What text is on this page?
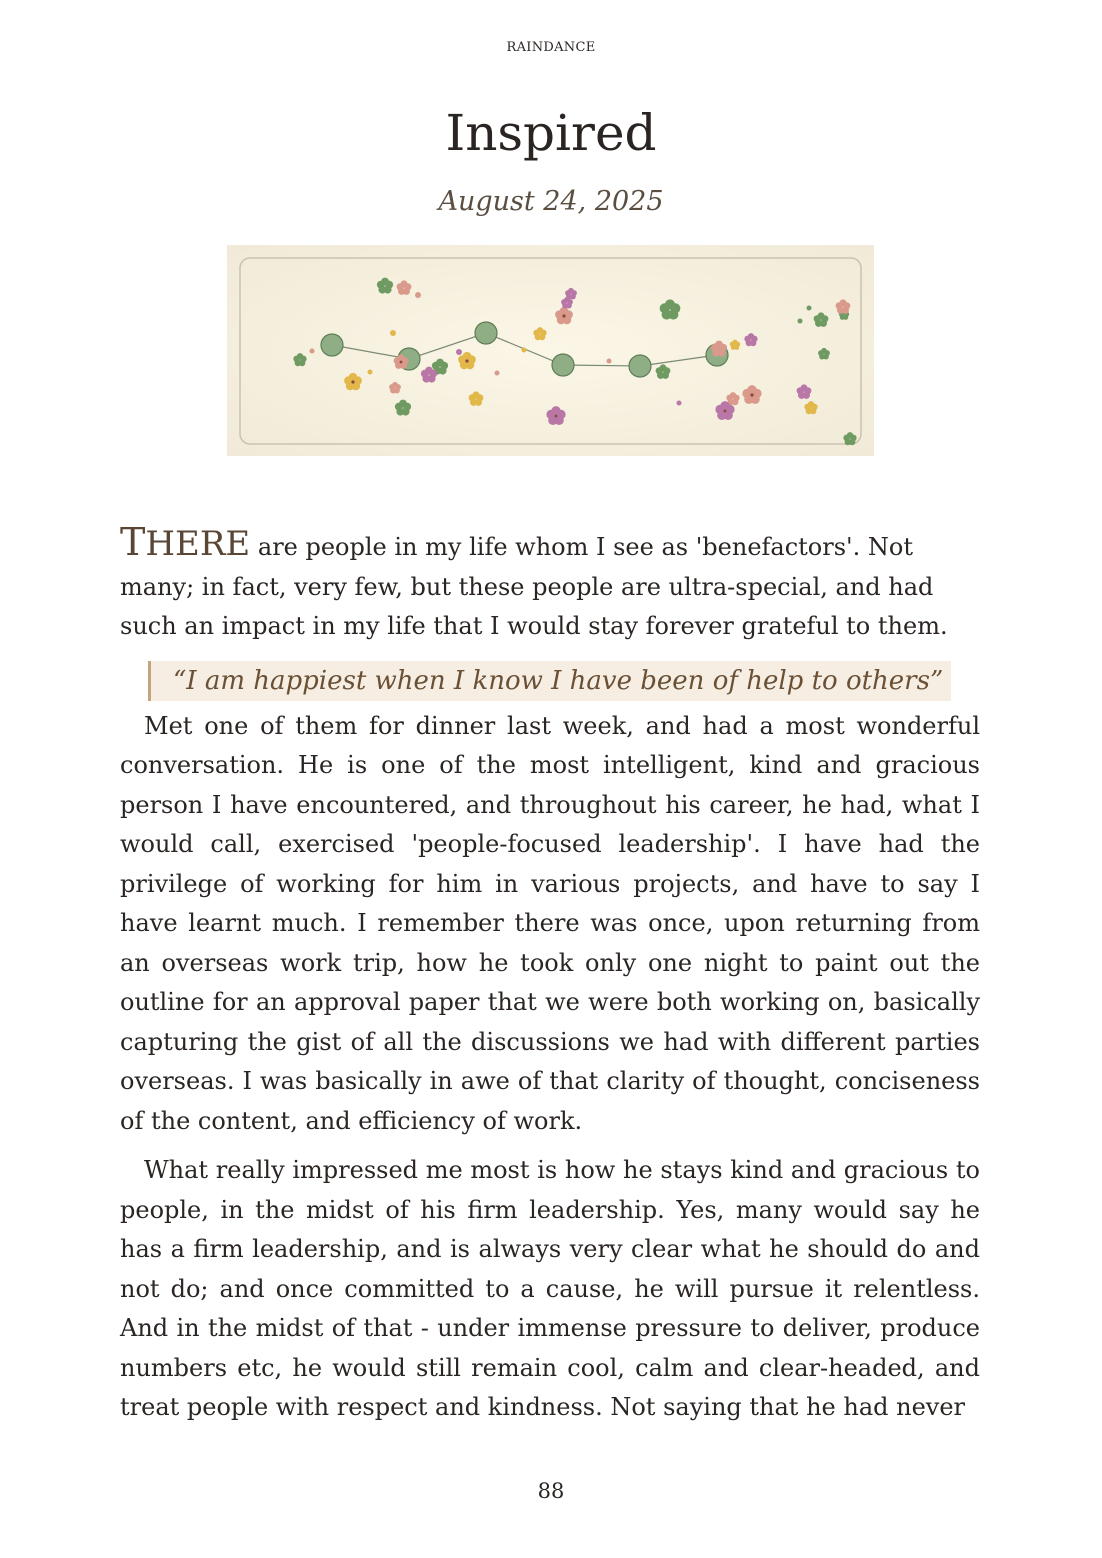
RAINDANCE
Inspired
August 24, 2025

THERE are people in my life whom I see as 'benefactors'. Not many; in fact, very few, but these people are ultra-special, and had such an impact in my life that I would stay forever grateful to them.

“I am happiest when I know I have been of help to others”

Met one of them for dinner last week, and had a most wonderful conversation. He is one of the most intelligent, kind and gracious person I have encountered, and throughout his career, he had, what I would call, exercised 'people-focused leadership'. I have had the privilege of working for him in various projects, and have to say I have learnt much. I remember there was once, upon returning from an overseas work trip, how he took only one night to paint out the outline for an approval paper that we were both working on, basically capturing the gist of all the discussions we had with different parties overseas. I was basically in awe of that clarity of thought, conciseness of the content, and efficiency of work.

What really impressed me most is how he stays kind and gracious to people, in the midst of his firm leadership. Yes, many would say he has a firm leadership, and is always very clear what he should do and not do; and once committed to a cause, he will pursue it relentless. And in the midst of that - under immense pressure to deliver, produce numbers etc, he would still remain cool, calm and clear-headed, and treat people with respect and kindness. Not saying that he had never

88
